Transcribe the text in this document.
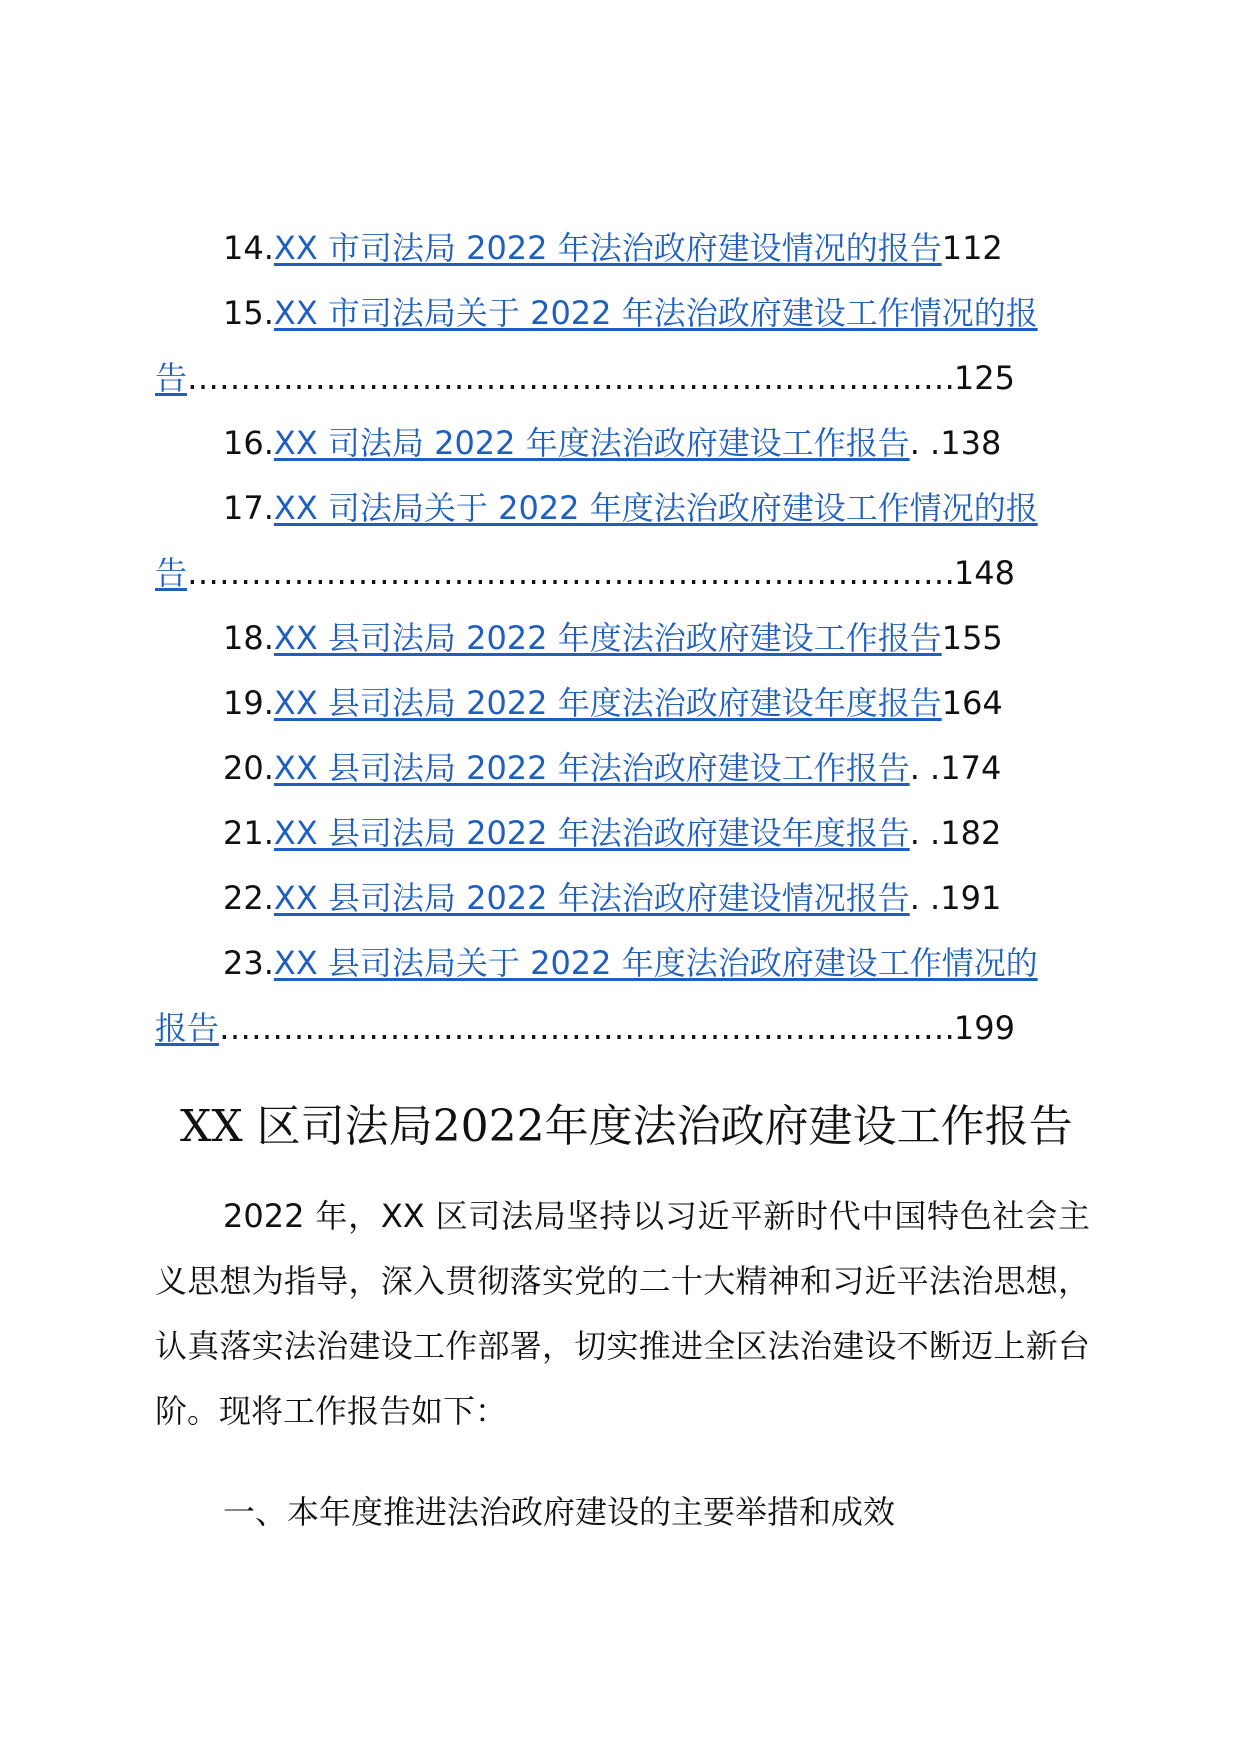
14.XX 市司法局 2022 年法治政府建设情况的报告112
15.XX 市司法局关于 2022 年法治政府建设工作情况的报
告 …………………………………………………………………………………………………………………………………………………………………………	125
16.XX 司法局 2022 年度法治政府建设工作报告. .138
17.XX 司法局关于 2022 年度法治政府建设工作情况的报
告 …………………………………………………………………………………………………………………………………………………………………………	148
18.XX 县司法局 2022 年度法治政府建设工作报告155
19.XX 县司法局 2022 年度法治政府建设年度报告164
20.XX 县司法局 2022 年法治政府建设工作报告. .174
21.XX 县司法局 2022 年法治政府建设年度报告. .182
22.XX 县司法局 2022 年法治政府建设情况报告. .191
23.XX 县司法局关于 2022 年度法治政府建设工作情况的
报告 …………………………………………………………………………………………………………………………………………………………………………	199
XX 区司法局2022年度法治政府建设工作报告
2022 年，XX 区司法局坚持以习近平新时代中国特色社会主义思想为指导，深入贯彻落实党的二十大精神和习近平法治思想，认真落实法治建设工作部署，切实推进全区法治建设不断迈上新台阶。现将工作报告如下：
一、本年度推进法治政府建设的主要举措和成效
